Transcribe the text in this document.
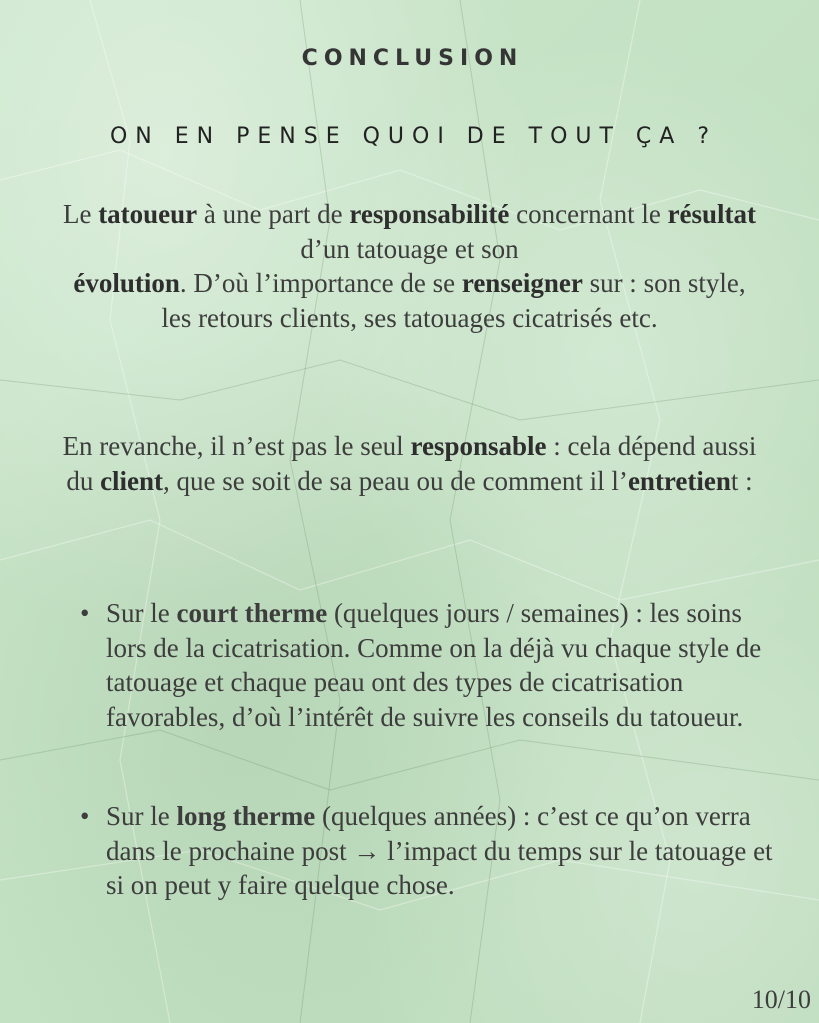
CONCLUSION
ON EN PENSE QUOI DE TOUT ÇA ?

Le tatoueur à une part de responsabilité concernant le résultat d’un tatouage et son
évolution. D’où l’importance de se renseigner sur : son style, les retours clients, ses tatouages cicatrisés etc.

En revanche, il n’est pas le seul responsable : cela dépend aussi du client, que se soit de sa peau ou de comment il l’entretient :

• Sur le court therme (quelques jours / semaines) : les soins lors de la cicatrisation. Comme on la déjà vu chaque style de tatouage et chaque peau ont des types de cicatrisation favorables, d’où l’intérêt de suivre les conseils du tatoueur.
• Sur le long therme (quelques années) : c’est ce qu’on verra dans le prochaine post → l’impact du temps sur le tatouage et si on peut y faire quelque chose.
10/10
